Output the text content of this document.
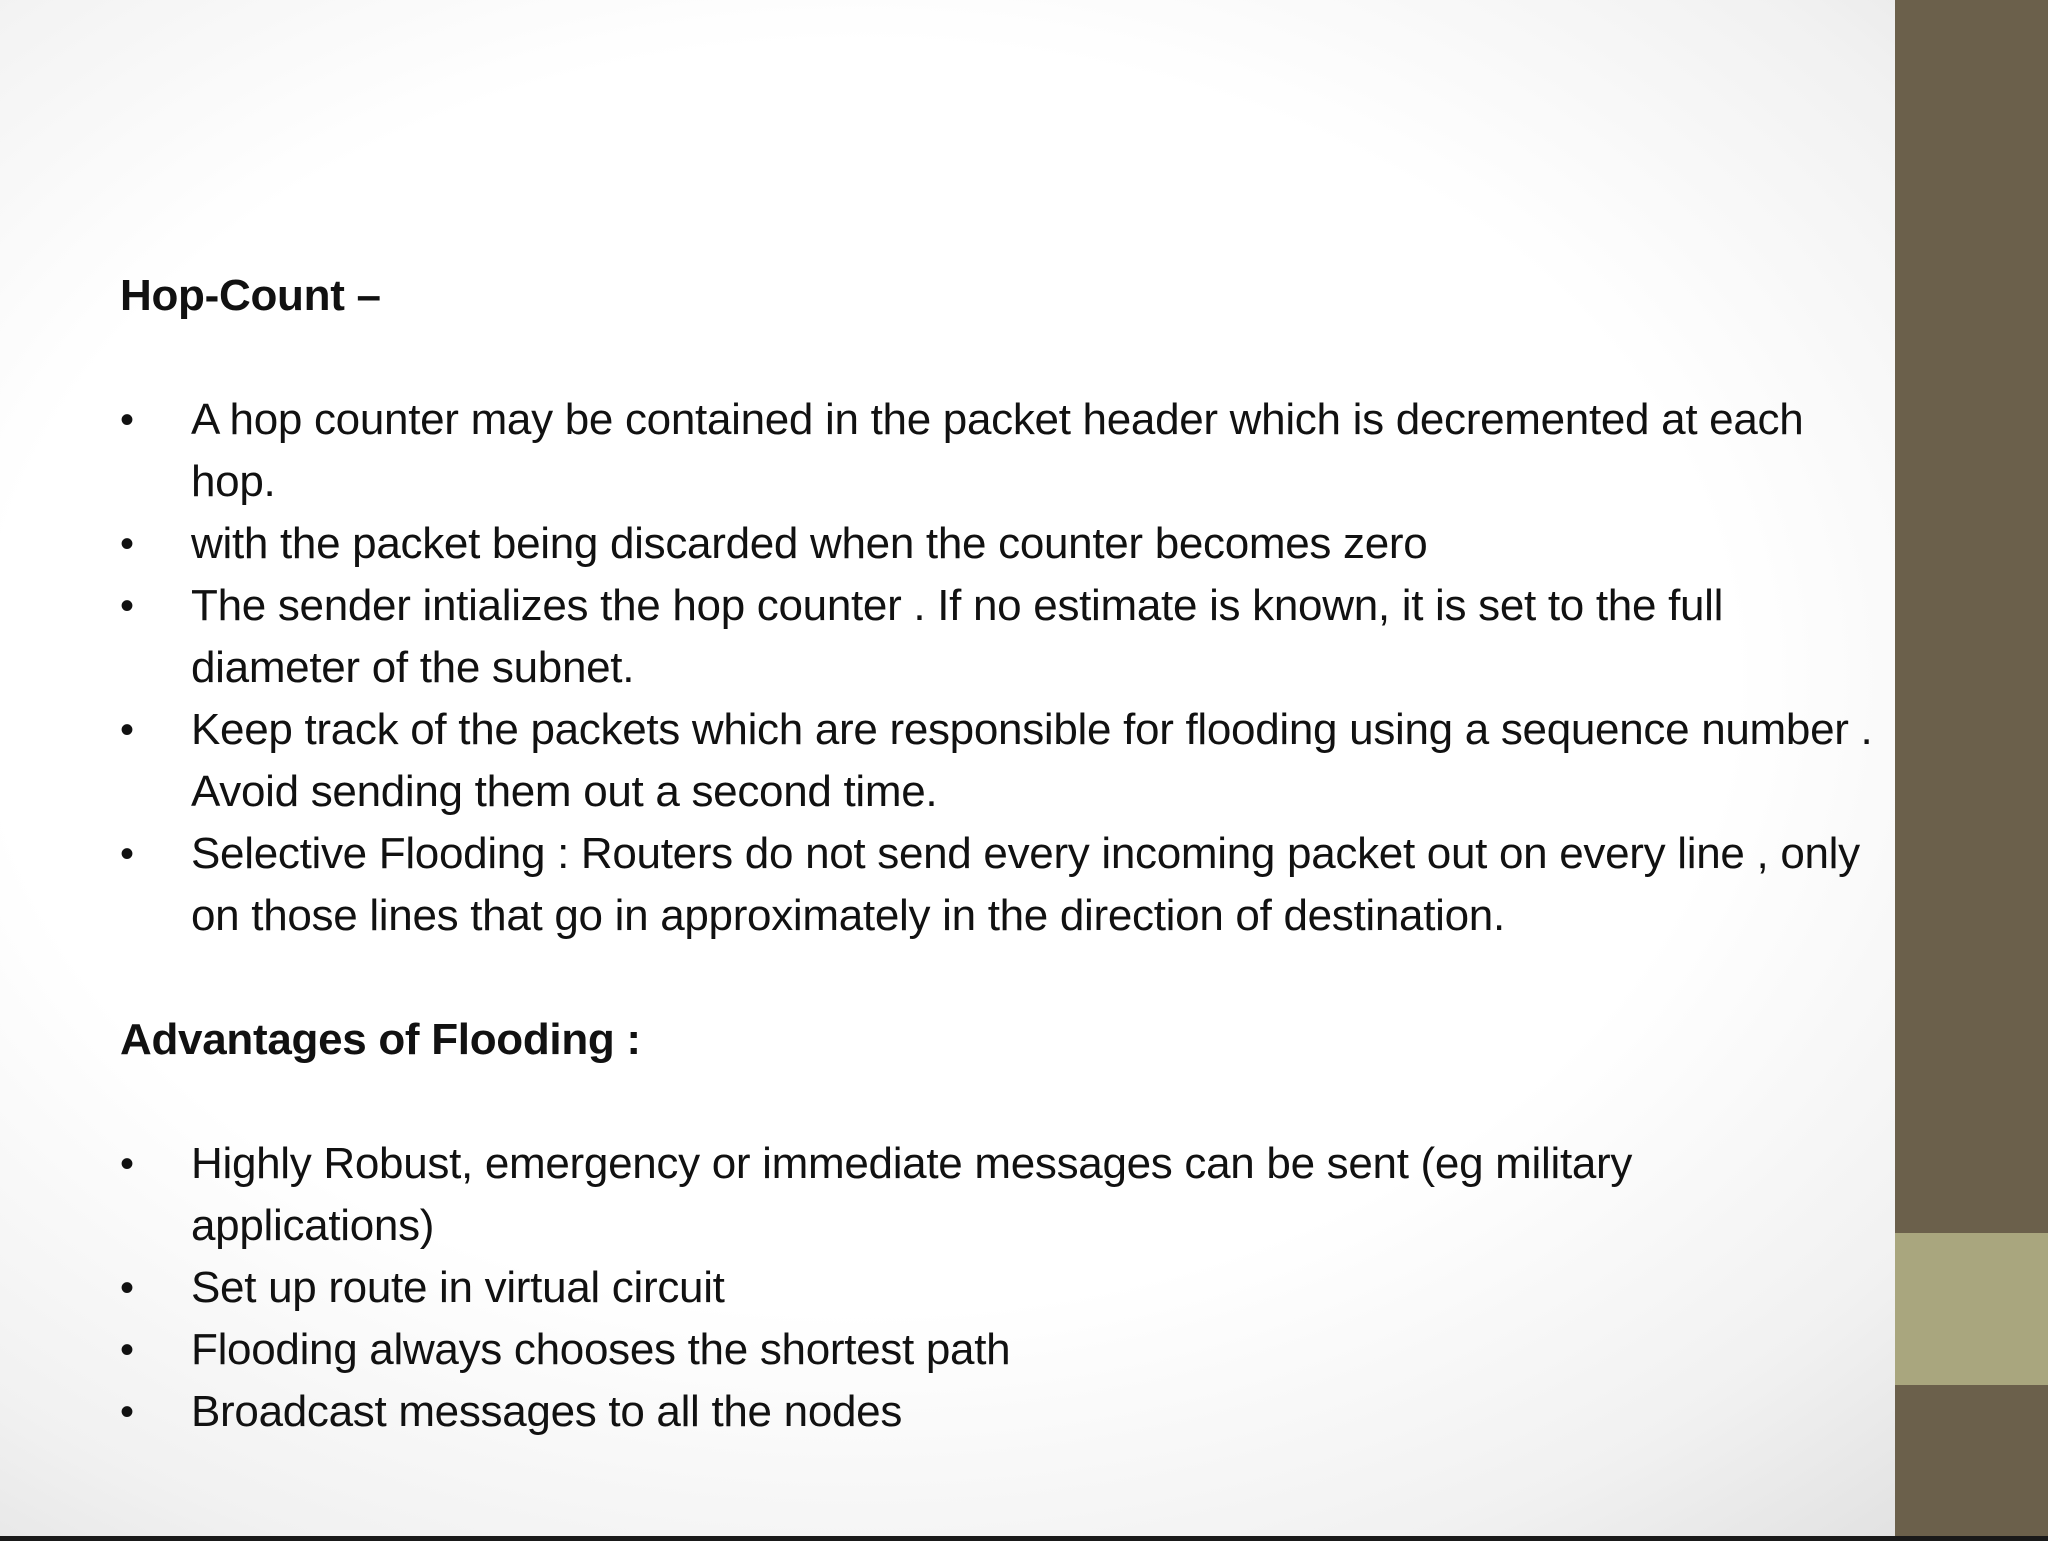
Hop-Count –

•	A hop counter may be contained in the packet header which is decremented at each hop.
•	with the packet being discarded when the counter becomes zero
•	The sender intializes the hop counter . If no estimate is known, it is set to the full diameter of the subnet.
•	Keep track of the packets which are responsible for flooding using a sequence number . Avoid sending them out a second time.
•	Selective Flooding : Routers do not send every incoming packet out on every line , only on those lines that go in approximately in the direction of destination.

Advantages of Flooding :

•	Highly Robust, emergency or immediate messages can be sent (eg military applications)
•	Set up route in virtual circuit
•	Flooding always chooses the shortest path
•	Broadcast messages to all the nodes
